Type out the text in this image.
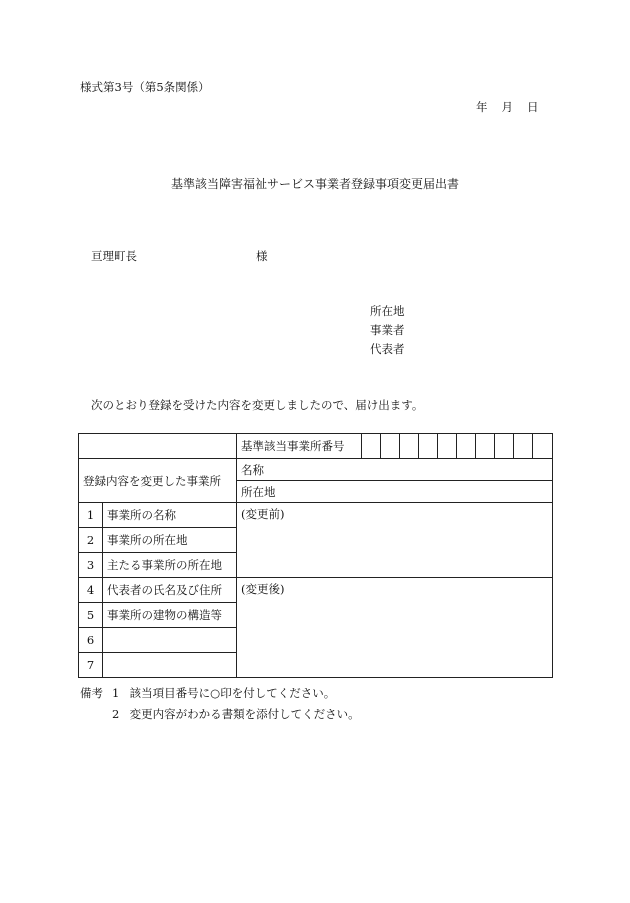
様式第3号（第5条関係）
年 月 日
基準該当障害福祉サービス事業者登録事項変更届出書
亘理町長	様
所在地
事業者
代表者
次のとおり登録を受けた内容を変更しましたので、届け出ます。
		基準該当事業所番号										
登録内容を変更した事業所		名称										
		所在地										
1	事業所の名称	(変更前)										
2	事業所の所在地											
3	主たる事業所の所在地											
4	代表者の氏名及び住所	(変更後)										
5	事業所の建物の構造等											
6												
7												
備考 1 該当項目番号に○印を付してください。
2 変更内容がわかる書類を添付してください。
